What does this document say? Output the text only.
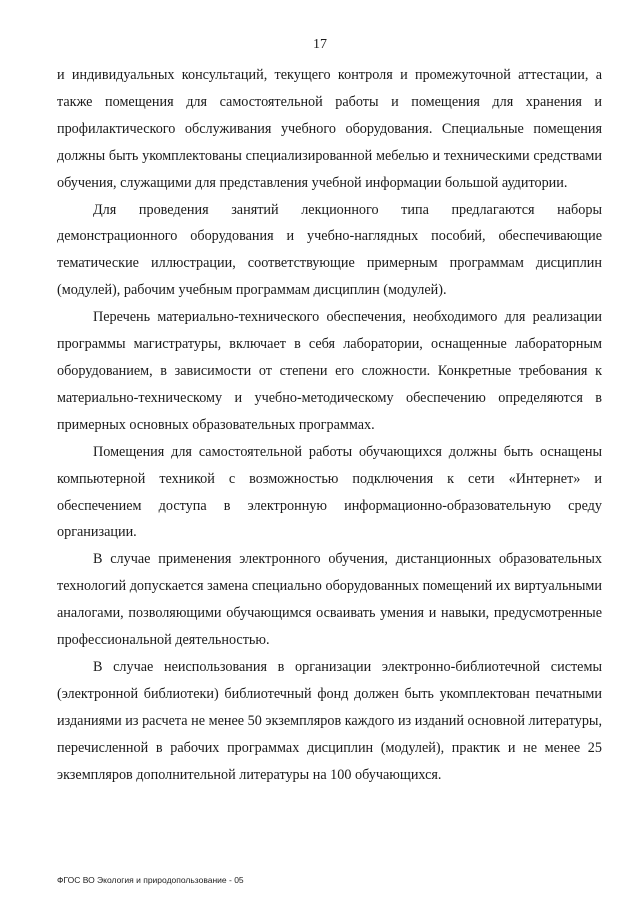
17

и индивидуальных консультаций, текущего контроля и промежуточной аттестации, а также помещения для самостоятельной работы и помещения для хранения и профилактического обслуживания учебного оборудования. Специальные помещения должны быть укомплектованы специализированной мебелью и техническими средствами обучения, служащими для представления учебной информации большой аудитории.

Для проведения занятий лекционного типа предлагаются наборы демонстрационного оборудования и учебно-наглядных пособий, обеспечивающие тематические иллюстрации, соответствующие примерным программам дисциплин (модулей), рабочим учебным программам дисциплин (модулей).

Перечень материально-технического обеспечения, необходимого для реализации программы магистратуры, включает в себя лаборатории, оснащенные лабораторным оборудованием, в зависимости от степени его сложности. Конкретные требования к материально-техническому и учебно-методическому обеспечению определяются в примерных основных образовательных программах.

Помещения для самостоятельной работы обучающихся должны быть оснащены компьютерной техникой с возможностью подключения к сети «Интернет» и обеспечением доступа в электронную информационно-образовательную среду организации.

В случае применения электронного обучения, дистанционных образовательных технологий допускается замена специально оборудованных помещений их виртуальными аналогами, позволяющими обучающимся осваивать умения и навыки, предусмотренные профессиональной деятельностью.

В случае неиспользования в организации электронно-библиотечной системы (электронной библиотеки) библиотечный фонд должен быть укомплектован печатными изданиями из расчета не менее 50 экземпляров каждого из изданий основной литературы, перечисленной в рабочих программах дисциплин (модулей), практик и не менее 25 экземпляров дополнительной литературы на 100 обучающихся.

ФГОС ВО Экология и природопользование - 05
